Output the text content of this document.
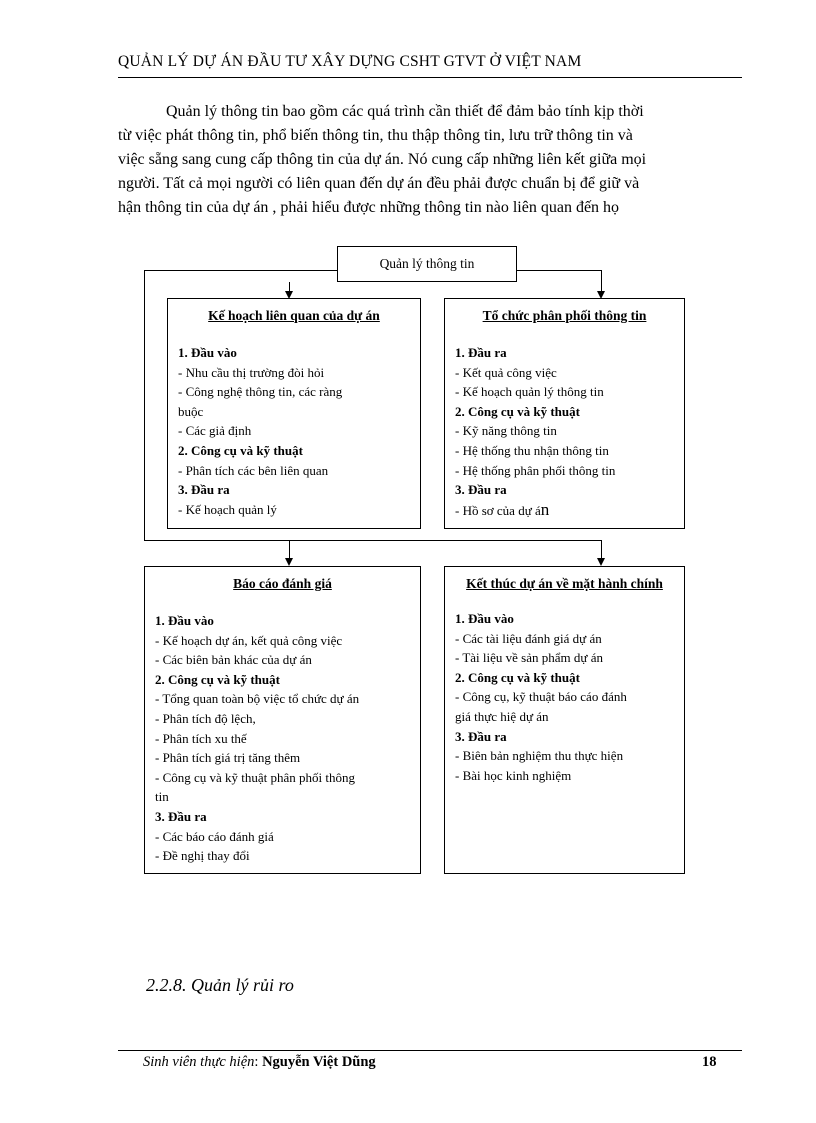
QUẢN LÝ DỰ ÁN ĐẦU TƯ XÂY DỰNG CSHT GTVT Ở VIỆT NAM
Quản lý thông tin bao gồm các quá trình cần thiết để đảm bảo tính kịp thời
từ việc phát thông tin, phổ biến thông tin, thu thập thông tin, lưu trữ thông tin và
việc sẵng sang cung cấp thông tin của dự án. Nó cung cấp những liên kết giữa mọi
người. Tất cả mọi người có liên quan đến dự án đều phải được chuẩn bị để giữ và
hận thông tin của dự án , phải hiểu được những thông tin nào liên quan đến họ
Quản lý thông tin
Kế hoạch liên quan của dự án
1. Đầu vào
- Nhu cầu thị trường đòi hỏi
- Công nghệ thông tin, các ràng
buộc
- Các giả định
2. Công cụ và kỹ thuật
- Phân tích các bên liên quan
3. Đầu ra
- Kế hoạch quản lý
Tổ chức phân phối thông tin
1. Đầu ra
- Kết quả công việc
- Kế hoạch quản lý thông tin
2. Công cụ và kỹ thuật
- Kỹ năng thông tin
- Hệ thống thu nhận thông tin
- Hệ thống phân phối thông tin
3. Đầu ra
- Hồ sơ của dự án
Báo cáo đánh giá
1. Đầu vào
- Kế hoạch dự án, kết quả công việc
- Các biên bản khác của dự án
2. Công cụ và kỹ thuật
- Tổng quan toàn bộ việc tổ chức dự án
- Phân tích độ lệch,
- Phân tích xu thế
- Phân tích giá trị tăng thêm
- Công cụ và kỹ thuật phân phối thông
tin
3. Đầu ra
- Các báo cáo đánh giá
- Đề nghị thay đổi
Kết thúc dự án về mặt hành chính
1. Đầu vào
- Các tài liệu đánh giá dự án
- Tài liệu về sản phẩm dự án
2. Công cụ và kỹ thuật
- Công cụ, kỹ thuật báo cáo đánh
giá thực hiệ dự án
3. Đầu ra
- Biên bản nghiệm thu thực hiện
- Bài học kinh nghiệm
2.2.8. Quản lý rủi ro
Sinh viên thực hiện: Nguyễn Việt Dũng	18
